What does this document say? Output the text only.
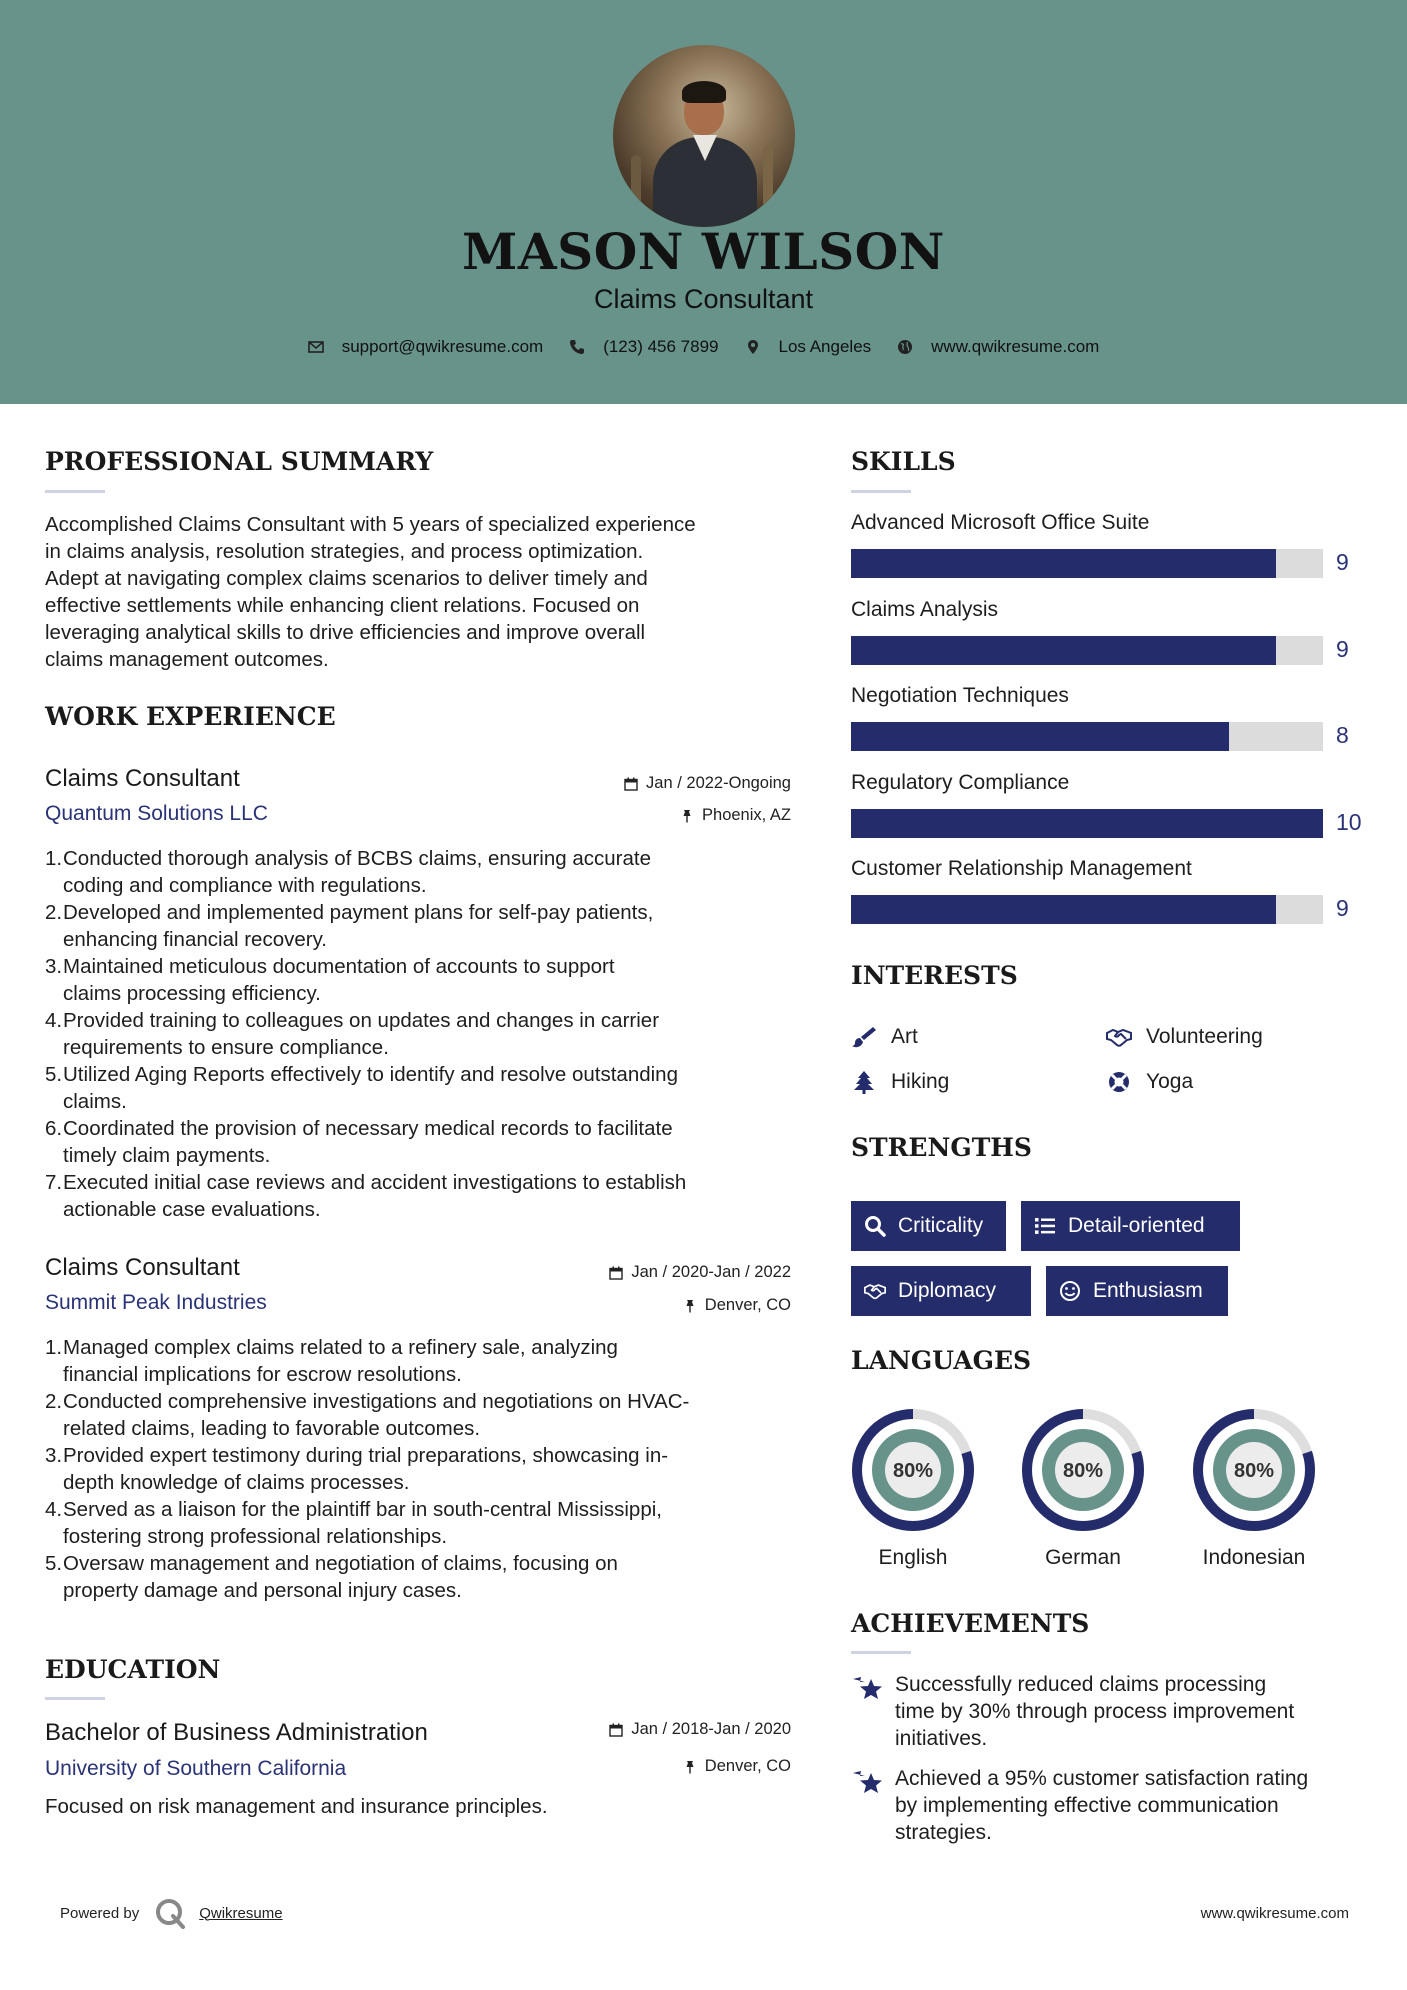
MASON WILSON
Claims Consultant
support@qwikresume.com	(123) 456 7899	Los Angeles	www.qwikresume.com
PROFESSIONAL SUMMARY
Accomplished Claims Consultant with 5 years of specialized experience
in claims analysis, resolution strategies, and process optimization.
Adept at navigating complex claims scenarios to deliver timely and
effective settlements while enhancing client relations. Focused on
leveraging analytical skills to drive efficiencies and improve overall
claims management outcomes.
WORK EXPERIENCE
Claims Consultant	Jan / 2022-Ongoing
Quantum Solutions LLC	Phoenix, AZ
1. Conducted thorough analysis of BCBS claims, ensuring accurate
coding and compliance with regulations.
2. Developed and implemented payment plans for self-pay patients,
enhancing financial recovery.
3. Maintained meticulous documentation of accounts to support
claims processing efficiency.
4. Provided training to colleagues on updates and changes in carrier
requirements to ensure compliance.
5. Utilized Aging Reports effectively to identify and resolve outstanding
claims.
6. Coordinated the provision of necessary medical records to facilitate
timely claim payments.
7. Executed initial case reviews and accident investigations to establish
actionable case evaluations.
Claims Consultant	Jan / 2020-Jan / 2022
Summit Peak Industries	Denver, CO
1. Managed complex claims related to a refinery sale, analyzing
financial implications for escrow resolutions.
2. Conducted comprehensive investigations and negotiations on HVAC-
related claims, leading to favorable outcomes.
3. Provided expert testimony during trial preparations, showcasing in-
depth knowledge of claims processes.
4. Served as a liaison for the plaintiff bar in south-central Mississippi,
fostering strong professional relationships.
5. Oversaw management and negotiation of claims, focusing on
property damage and personal injury cases.
EDUCATION
Bachelor of Business Administration	Jan / 2018-Jan / 2020
University of Southern California	Denver, CO
Focused on risk management and insurance principles.
SKILLS
Advanced Microsoft Office Suite
9
Claims Analysis
9
Negotiation Techniques
8
Regulatory Compliance
10
Customer Relationship Management
9
INTERESTS
Art	Volunteering
Hiking	Yoga
STRENGTHS
Criticality	Detail-oriented
Diplomacy	Enthusiasm
LANGUAGES
80%
English
80%
German
80%
Indonesian
ACHIEVEMENTS
Successfully reduced claims processing
time by 30% through process improvement
initiatives.
Achieved a 95% customer satisfaction rating
by implementing effective communication
strategies.
Powered by	Qwikresume	www.qwikresume.com
